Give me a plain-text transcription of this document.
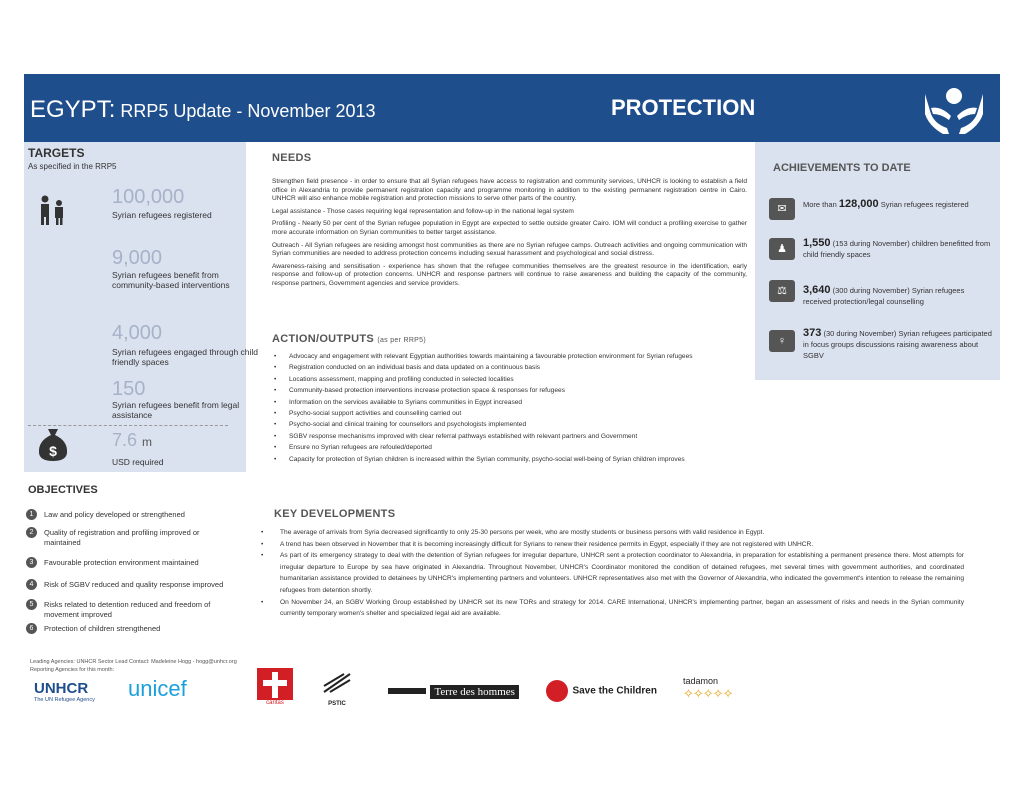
EGYPT: RRP5 Update - November 2013	PROTECTION
TARGETS
As specified in the RRP5
100,000
Syrian refugees registered
9,000
Syrian refugees benefit from community-based interventions
4,000
Syrian refugees engaged through child friendly spaces
150
Syrian refugees benefit from legal assistance
$
7.6 m
USD required
OBJECTIVES
1	Law and policy developed or strengthened
2	Quality of registration and profiling improved or maintained
3	Favourable protection environment maintained
4	Risk of SGBV reduced and quality response improved
5	Risks related to detention reduced and freedom of movement improved
6	Protection of children strengthened
NEEDS

Strengthen field presence - in order to ensure that all Syrian refugees have access to registration and community services, UNHCR is looking to establish a field office in Alexandria to provide permanent registration capacity and programme monitoring in addition to the existing permanent registration centre in Cairo. UNHCR will also enhance mobile registration and protection missions to serve other parts of the country.

Legal assistance - Those cases requiring legal representation and follow-up in the national legal system

Profiling - Nearly 50 per cent of the Syrian refugee population in Egypt are expected to settle outside greater Cairo. IOM will conduct a profiling exercise to gather more accurate information on Syrian communities to better target assistance.

Outreach - All Syrian refugees are residing amongst host communities as there are no Syrian refugee camps. Outreach activities and ongoing communication with Syrian communities are needed to address protection concerns including sexual harassment and psychological and social distress.

Awareness-raising and sensitisation - experience has shown that the refugee communities themselves are the greatest resource in the identification, early response and follow-up of protection concerns. UNHCR and response partners will continue to raise awareness and building the capacity of the community, response partners, Government agencies and service providers.

ACTION/OUTPUTS (as per RRP5)
• Advocacy and engagement with relevant Egyptian authorities towards maintaining a favourable protection environment for Syrian refugees
• Registration conducted on an individual basis and data updated on a continuous basis
• Locations assessment, mapping and profiling conducted in selected localities
• Community-based protection interventions increase protection space & responses for refugees
• Information on the services available to Syrians communities in Egypt increased
• Psycho-social support activities and counselling carried out
• Psycho-social and clinical training for counsellors and psychologists implemented
• SGBV response mechanisms improved with clear referral pathways established with relevant partners and Government
• Ensure no Syrian refugees are refouled/deported
• Capacity for protection of Syrian children is increased within the Syrian community, psycho-social well-being of Syrian children improves
KEY DEVELOPMENTS
• The average of arrivals from Syria decreased significantly to only 25-30 persons per week, who are mostly students or business persons with valid residence in Egypt.
• A trend has been observed in November that it is becoming increasingly difficult for Syrians to renew their residence permits in Egypt, especially if they are not registered with UNHCR.
• As part of its emergency strategy to deal with the detention of Syrian refugees for irregular departure, UNHCR sent a protection coordinator to Alexandria, in preparation for establishing a permanent presence there. Most attempts for irregular departure to Europe by sea have originated in Alexandria. Throughout November, UNHCR's Coordinator monitored the condition of detained refugees, met several times with government authorities, and coordinated humanitarian assistance provided to detainees by UNHCR's implementing partners and volunteers. UNHCR representatives also met with the Governor of Alexandria, who indicated the government's intention to release the remaining refugees from detention shortly.
• On November 24, an SGBV Working Group established by UNHCR set its new TORs and strategy for 2014. CARE International, UNHCR's implementing partner, began an assessment of risks and needs in the Syrian community currently temporary women's shelter and specialized legal aid are available.
ACHIEVEMENTS TO DATE
✉	More than 128,000 Syrian refugees registered
♟	1,550 (153 during November) children benefitted from child friendly spaces
⚖	3,640 (300 during November) Syrian refugees received protection/legal counselling
♀
373 (30 during November) Syrian refugees participated in focus groups discussions raising awareness about SGBV
Leading Agencies: UNHCR Sector Lead Contact: Madeleine Hogg - hogg@unhcr.org
Reporting Agencies for this month:
UNHCR
The UN Refugee Agency unicef
caritas	PSTIC
Terre des hommes	Save the Children
tadamon
✧✧✧✧✧
